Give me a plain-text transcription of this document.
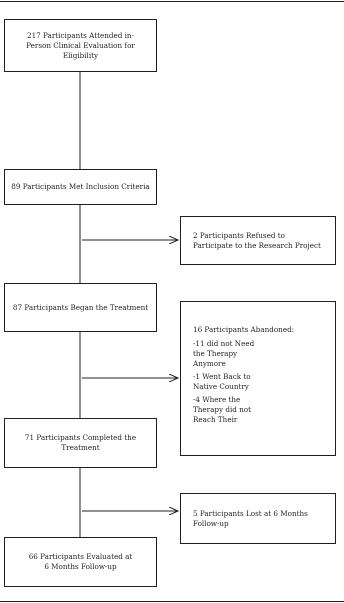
217 Participants Attended in-
Person Clinical Evaluation for
Eligibility
89 Participants Met Inclusion Criteria
87 Participants Began the Treatment
71 Participants Completed the
Treatment
66 Participants Evaluated at
6 Months Follow-up
2 Participants Refused to
Participate to the Research Project
16 Participants Abandoned:
-11 did not Need
the Therapy
Anymore
-1 Went Back to
Native Country
-4 Where the
Therapy did not
Reach Their
5 Participants Lost at 6 Months
Follow-up
